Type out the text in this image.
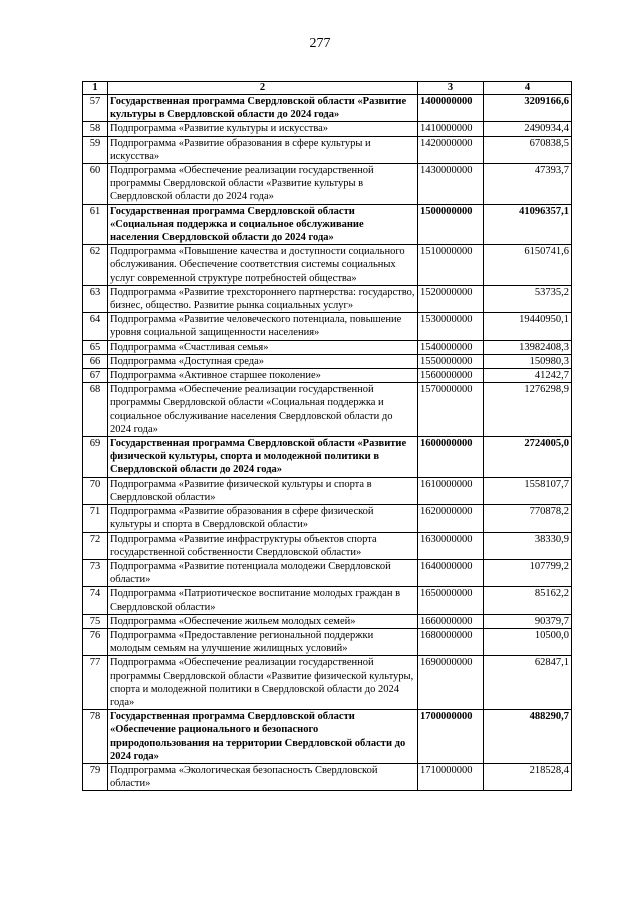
277
1	2	3	4
57	Государственная программа Свердловской области «Развитие культуры в Свердловской области до 2024 года»	1400000000	3209166,6
58	Подпрограмма «Развитие культуры и искусства»	1410000000	2490934,4
59	Подпрограмма «Развитие образования в сфере культуры и искусства»	1420000000	670838,5
60	Подпрограмма «Обеспечение реализации государственной программы Свердловской области «Развитие культуры в Свердловской области до 2024 года»	1430000000	47393,7
61	Государственная программа Свердловской области «Социальная поддержка и социальное обслуживание населения Свердловской области до 2024 года»	1500000000	41096357,1
62	Подпрограмма «Повышение качества и доступности социального обслуживания. Обеспечение соответствия системы социальных услуг современной структуре потребностей общества»	1510000000	6150741,6
63	Подпрограмма «Развитие трехстороннего партнерства: государство, бизнес, общество. Развитие рынка социальных услуг»	1520000000	53735,2
64	Подпрограмма «Развитие человеческого потенциала, повышение уровня социальной защищенности населения»	1530000000	19440950,1
65	Подпрограмма «Счастливая семья»	1540000000	13982408,3
66	Подпрограмма «Доступная среда»	1550000000	150980,3
67	Подпрограмма «Активное старшее поколение»	1560000000	41242,7
68	Подпрограмма «Обеспечение реализации государственной программы Свердловской области «Социальная поддержка и социальное обслуживание населения Свердловской области до 2024 года»	1570000000	1276298,9
69	Государственная программа Свердловской области «Развитие физической культуры, спорта и молодежной политики в Свердловской области до 2024 года»	1600000000	2724005,0
70	Подпрограмма «Развитие физической культуры и спорта в Свердловской области»	1610000000	1558107,7
71	Подпрограмма «Развитие образования в сфере физической культуры и спорта в Свердловской области»	1620000000	770878,2
72	Подпрограмма «Развитие инфраструктуры объектов спорта государственной собственности Свердловской области»	1630000000	38330,9
73	Подпрограмма «Развитие потенциала молодежи Свердловской области»	1640000000	107799,2
74	Подпрограмма «Патриотическое воспитание молодых граждан в Свердловской области»	1650000000	85162,2
75	Подпрограмма «Обеспечение жильем молодых семей»	1660000000	90379,7
76	Подпрограмма «Предоставление региональной поддержки молодым семьям на улучшение жилищных условий»	1680000000	10500,0
77	Подпрограмма «Обеспечение реализации государственной программы Свердловской области «Развитие физической культуры, спорта и молодежной политики в Свердловской области до 2024 года»	1690000000	62847,1
78	Государственная программа Свердловской области «Обеспечение рационального и безопасного природопользования на территории Свердловской области до 2024 года»	1700000000	488290,7
79	Подпрограмма «Экологическая безопасность Свердловской области»	1710000000	218528,4
